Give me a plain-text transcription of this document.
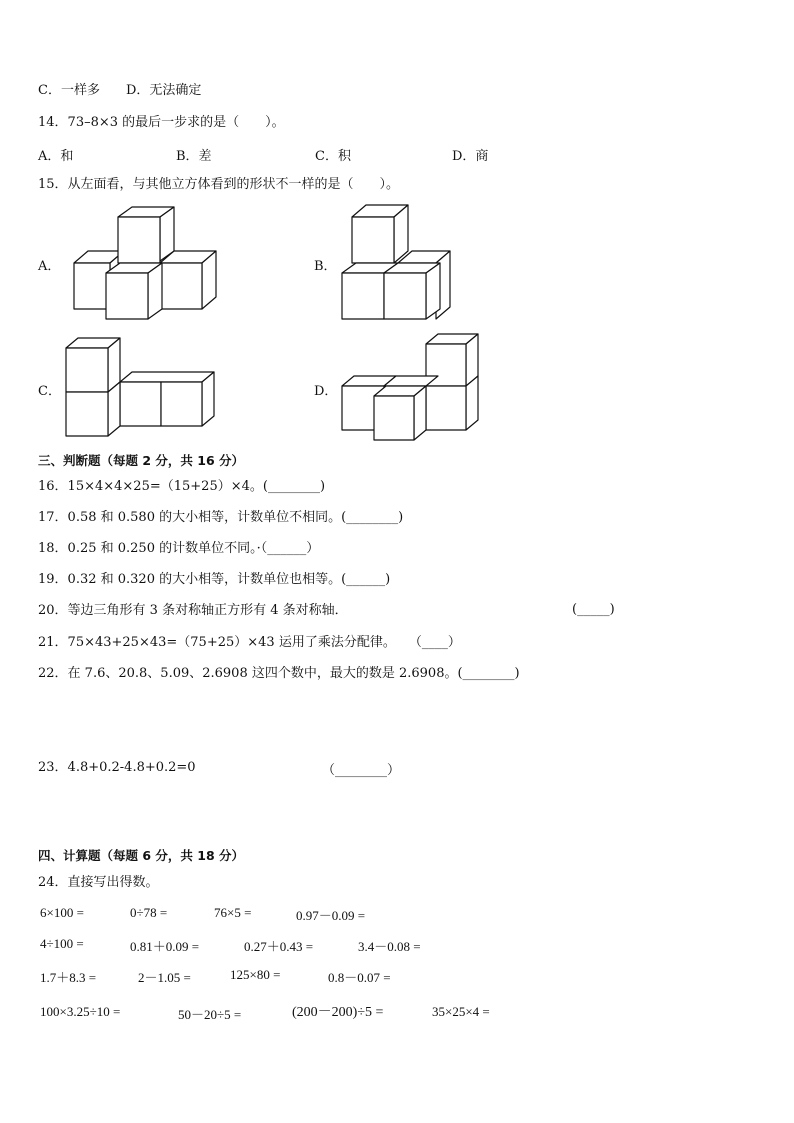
C．一样多　　D．无法确定
14．73–8×3 的最后一步求的是（　　）。
A．和	B．差	C．积	D．商
15．从左面看，与其他立方体看到的形状不一样的是（　　）。
A．	B．
C．	D．
三、判断题（每题 2 分，共 16 分）
16．15×4×4×25=（15+25）×4。(________)
17．0.58 和 0.580 的大小相等，计数单位不相同。(________)
18．0.25 和 0.250 的计数单位不同。·（______）
19．0.32 和 0.320 的大小相等，计数单位也相等。(______)
20．等边三角形有 3 条对称轴正方形有 4 条对称轴．	(_____)
21．75×43+25×43=（75+25）×43 运用了乘法分配律。　　（____）
22．在 7.6、20.8、5.09、2.6908 这四个数中，最大的数是 2.6908。(________)
23．4.8+0.2-4.8+0.2=0	（________）
四、计算题（每题 6 分，共 18 分）
24．直接写出得数。
6×100 =	0÷78 =	76×5 =	0.97－0.09 =
4÷100 =	0.81＋0.09 =	0.27＋0.43 =	3.4－0.08 =
1.7＋8.3 =	2－1.05 =	125×80 =	0.8－0.07 =
100×3.25÷10 =	50－20÷5 =	(200－200)÷5 =	35×25×4 =
